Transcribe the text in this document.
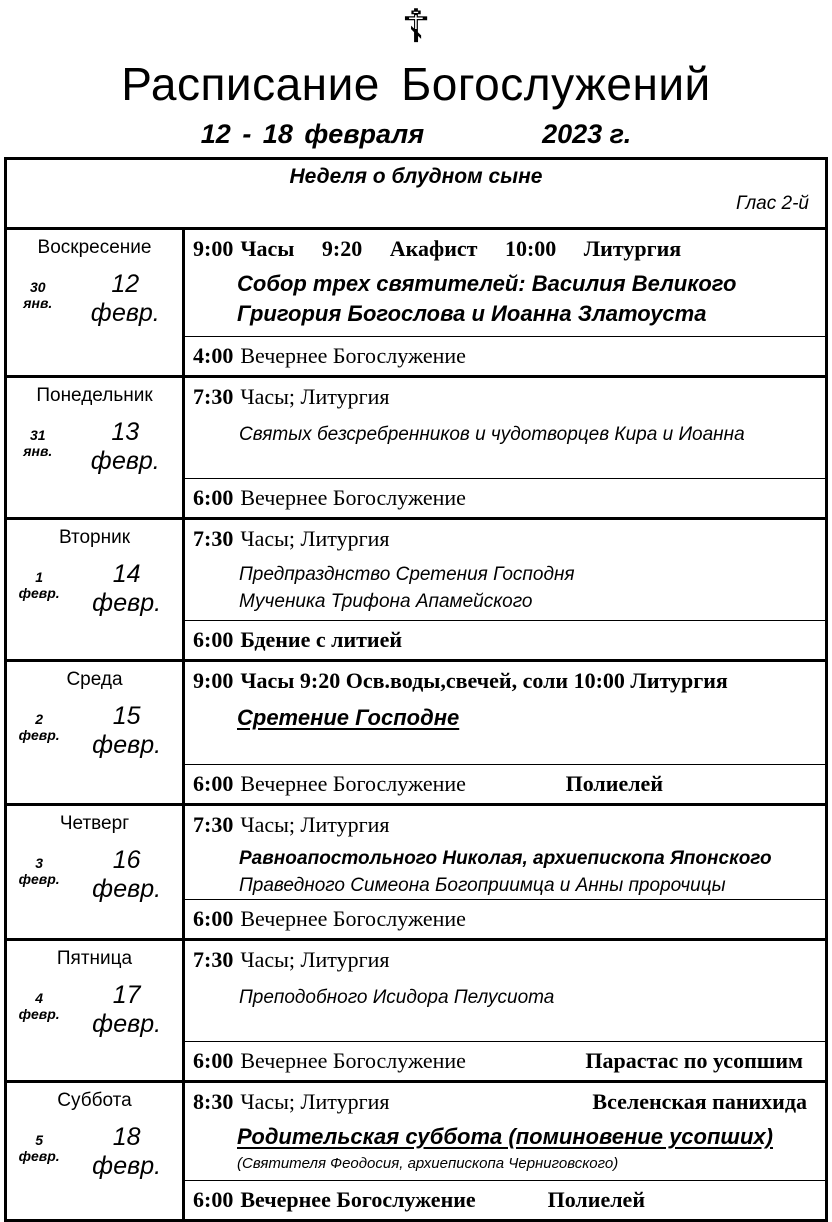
☦
Расписание Богослужений
12 - 18 февраля	2023 г.
Неделя о блудном сыне
Глас 2-й	

Воскресение
30 янв.
12 февр.

9:00 Часы 9:20 Акафист 10:00 Литургия
Собор трех святителей: Василия Великого
Григория Богослова и Иоанна Златоуста
4:00 Вечернее Богослужение

Понедельник
31 янв.
13 февр.

7:30 Часы; Литургия
Святых безсребренников и чудотворцев Кира и Иоанна
6:00 Вечернее Богослужение

Вторник
1 февр.
14 февр.

7:30 Часы; Литургия
Предпразднство Сретения Господня
Мученика Трифона Апамейского
6:00 Бдение с литией

Среда
2 февр.
15 февр.

9:00 Часы 9:20 Осв.воды,свечей, соли 10:00 Литургия
Сретение Господне
6:00 Вечернее Богослужение	Полиелей

Четверг
3 февр.
16 февр.

7:30 Часы; Литургия
Равноапостольного Николая, архиепископа Японского
Праведного Симеона Богоприимца и Анны пророчицы
6:00 Вечернее Богослужение

Пятница
4 февр.
17 февр.

7:30 Часы; Литургия
Преподобного Исидора Пелусиота
6:00 Вечернее Богослужение	Парастас по усопшим

Суббота
5 февр.
18 февр.

8:30 Часы; Литургия	Вселенская панихида
Родительская суббота (поминовение усопших)
(Святителя Феодосия, архиепископа Черниговского)
6:00 Вечернее Богослужение	Полиелей
